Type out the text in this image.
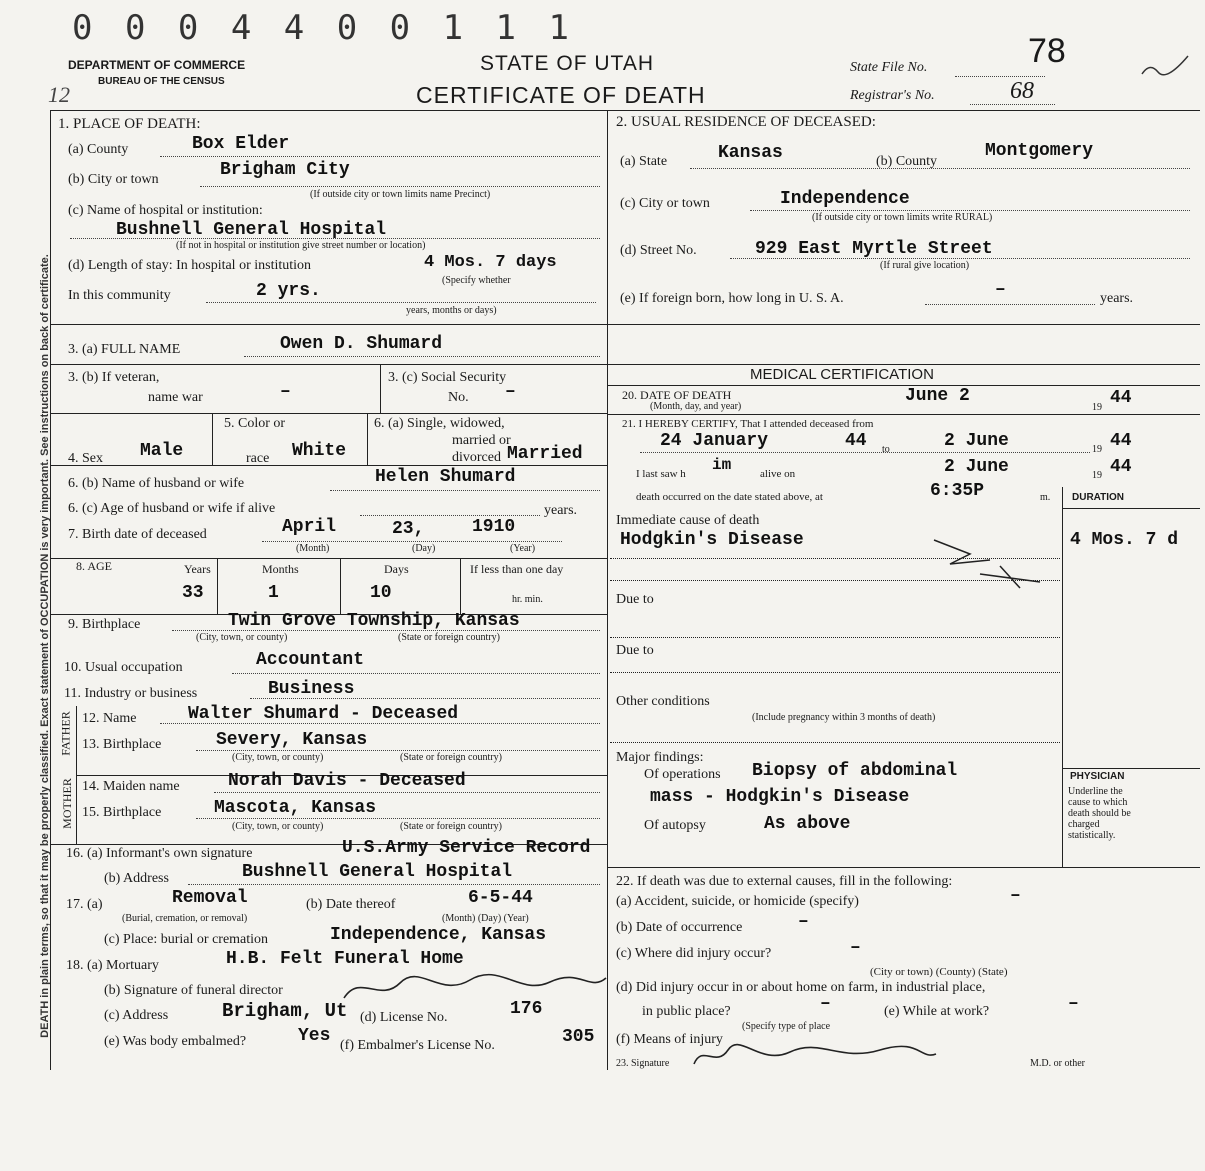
0 0 0 4 4 0 0 1 1 1
DEPARTMENT OF COMMERCE
BUREAU OF THE CENSUS
12
STATE OF UTAH
CERTIFICATE OF DEATH
State File No.	78
Registrar's No.	68
DEATH in plain terms, so that it may be properly classified. Exact statement of OCCUPATION is very important. See instructions on back of certificate.
1. PLACE OF DEATH:
(a) County	Box Elder
(b) City or town	Brigham City
(If outside city or town limits name Precinct)
(c) Name of hospital or institution:
Bushnell General Hospital
(If not in hospital or institution give street number or location)
(d) Length of stay: In hospital or institution	4 Mos. 7 days
(Specify whether
In this community	2 yrs.
years, months or days)
2. USUAL RESIDENCE OF DECEASED:
(a) State	Kansas	(b) County
Montgomery
(c) City or town	Independence
(If outside city or town limits write RURAL)
(d) Street No.	929 East Myrtle Street
(If rural give location)
(e) If foreign born, how long in U. S. A.	–	years.
3. (a) FULL NAME	Owen D. Shumard
3. (b) If veteran,
name war	–
3. (c) Social Security
No. –
4. Sex Male
5. Color or
race White
6. (a) Single, widowed,
married or
divorced Married
6. (b) Name of husband or wife	Helen Shumard
6. (c) Age of husband or wife if alive	years.
7. Birth date of deceased	April	23,	1910
(Month)	(Day)	(Year)
8. AGE	Years	Months	Days	If less than one day
33	1	10	hr. min.
9. Birthplace	Twin Grove Township, Kansas
(City, town, or county)	(State or foreign country)
10. Usual occupation	Accountant
11. Industry or business	Business
FATHER
MOTHER
12. Name	Walter Shumard - Deceased
13. Birthplace	Severy, Kansas
(City, town, or county)	(State or foreign country)
14. Maiden name	Norah Davis - Deceased
15. Birthplace	Mascota, Kansas
(City, town, or county)	(State or foreign country)
16. (a) Informant's own signature	U.S.Army Service Record
(b) Address	Bushnell General Hospital
17. (a)	Removal	(b) Date thereof	6-5-44
(Burial, cremation, or removal)	(Month) (Day) (Year)
(c) Place: burial or cremation	Independence, Kansas
18. (a) Mortuary	H.B. Felt Funeral Home
(b) Signature of funeral director
(c) Address	Brigham, Ut (d) License No.	176
(e) Was body embalmed?	Yes (f) Embalmer's License No.	305
MEDICAL CERTIFICATION
20. DATE OF DEATH
(Month, day, and year)
June 2
19 44
21. I HEREBY CERTIFY, That I attended deceased from
24 January	44 to	2 June	19 44
I last saw h im	alive on	2 June	19 44
death occurred on the date stated above, at	6:35P	m. DURATION
Immediate cause of death
Hodgkin's Disease	4 Mos. 7 d
Due to
Due to
Other conditions
(Include pregnancy within 3 months of death)
Major findings:
Of operations Biopsy of abdominal
mass - Hodgkin's Disease
Of autopsy	As above
PHYSICIAN
Underline the cause to which death should be charged statistically.
22. If death was due to external causes, fill in the following:
(a) Accident, suicide, or homicide (specify)	–
(b) Date of occurrence	–
(c) Where did injury occur?	–
(City or town) (County) (State)
(d) Did injury occur in or about home on farm, in industrial place,
in public place?	–	(e) While at work?	–
(Specify type of place
(f) Means of injury
23. Signature	M.D. or other
